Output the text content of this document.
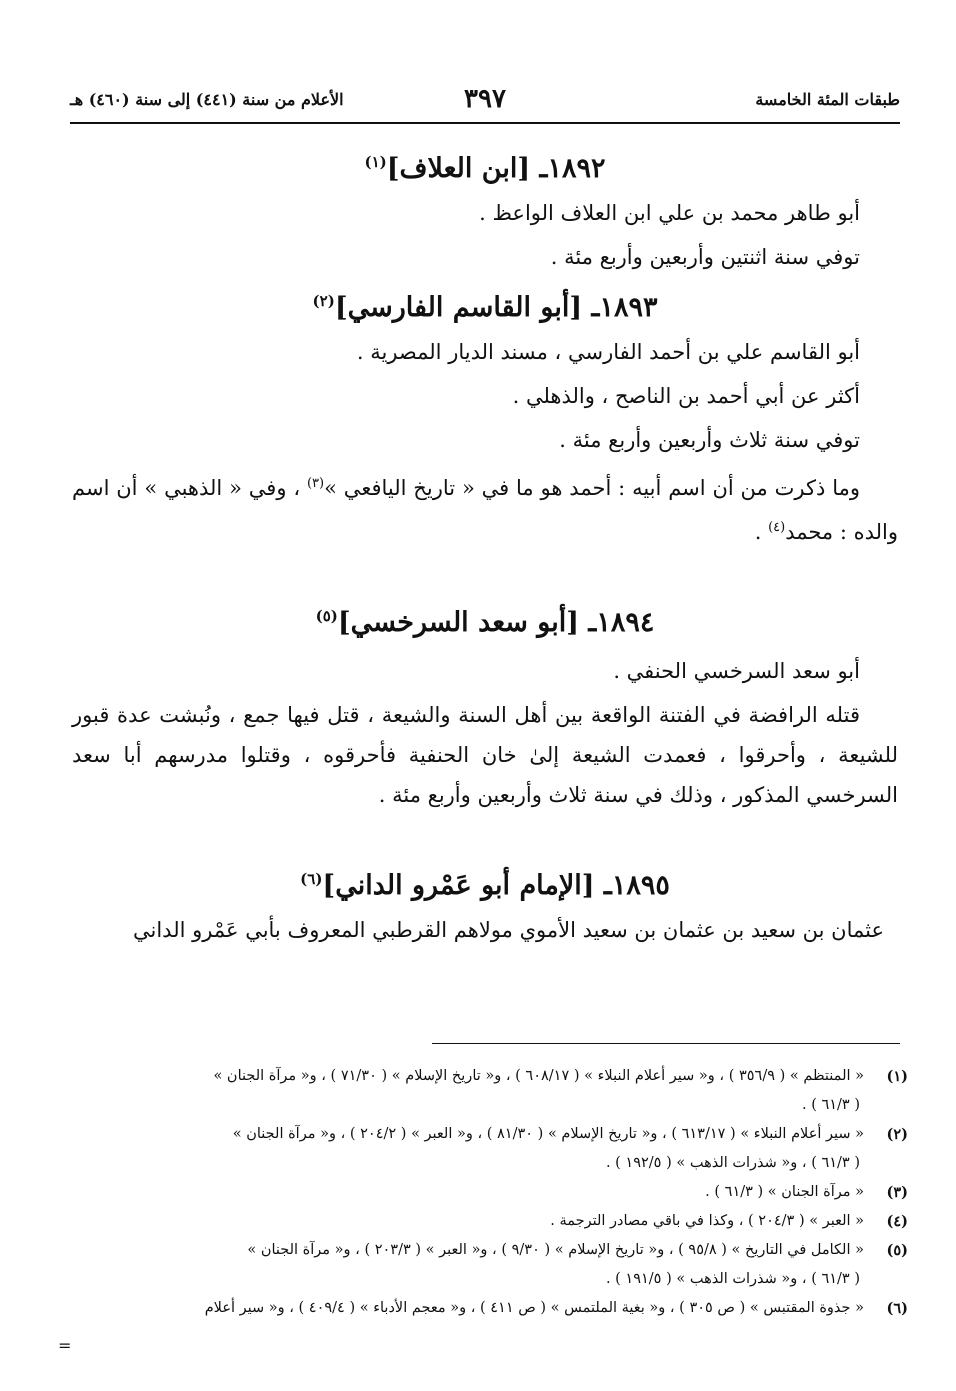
الأعلام من سنة (٤٤١) إلى سنة (٤٦٠) هـ	٣٩٧	طبقات المئة الخامسة
١٨٩٢ـ [ابن العلاف]$^{(١)}$

أبو طاهر محمد بن علي ابن العلاف الواعظ .

توفي سنة اثنتين وأربعين وأربع مئة .

١٨٩٣ـ [أبو القاسم الفارسي]$^{(٢)}$

أبو القاسم علي بن أحمد الفارسي ، مسند الديار المصرية .

أكثر عن أبي أحمد بن الناصح ، والذهلي .

توفي سنة ثلاث وأربعين وأربع مئة .

وما ذكرت من أن اسم أبيه : أحمد هو ما في « تاريخ اليافعي »$^{(٣)}$ ، وفي « الذهبي » أن اسم والده : محمد$^{(٤)}$ .

١٨٩٤ـ [أبو سعد السرخسي]$^{(٥)}$

أبو سعد السرخسي الحنفي .

قتله الرافضة في الفتنة الواقعة بين أهل السنة والشيعة ، قتل فيها جمع ، ونُبشت عدة قبور للشيعة ، وأحرقوا ، فعمدت الشيعة إلىٰ خان الحنفية فأحرقوه ، وقتلوا مدرسهم أبا سعد السرخسي المذكور ، وذلك في سنة ثلاث وأربعين وأربع مئة .

١٨٩٥ـ [الإمام أبو عَمْرو الداني]$^{(٦)}$

عثمان بن سعيد بن عثمان بن سعيد الأموي مولاهم القرطبي المعروف بأبي عَمْرو الداني

(١)
« المنتظم » ( ٣٥٦/٩ ) ، و« سير أعلام النبلاء » ( ٦٠٨/١٧ ) ، و« تاريخ الإسلام » ( ٧١/٣٠ ) ، و« مرآة الجنان »
( ٦١/٣ ) .
(٢)
« سير أعلام النبلاء » ( ٦١٣/١٧ ) ، و« تاريخ الإسلام » ( ٨١/٣٠ ) ، و« العبر » ( ٢٠٤/٢ ) ، و« مرآة الجنان »
( ٦١/٣ ) ، و« شذرات الذهب » ( ١٩٢/٥ ) .
(٣)
« مرآة الجنان » ( ٦١/٣ ) .
(٤)
« العبر » ( ٢٠٤/٣ ) ، وكذا في باقي مصادر الترجمة .
(٥)
« الكامل في التاريخ » ( ٩٥/٨ ) ، و« تاريخ الإسلام » ( ٩/٣٠ ) ، و« العبر » ( ٢٠٣/٣ ) ، و« مرآة الجنان »
( ٦١/٣ ) ، و« شذرات الذهب » ( ١٩١/٥ ) .
(٦)
« جذوة المقتبس » ( ص ٣٠٥ ) ، و« بغية الملتمس » ( ص ٤١١ ) ، و« معجم الأدباء » ( ٤٠٩/٤ ) ، و« سير أعلام
=
